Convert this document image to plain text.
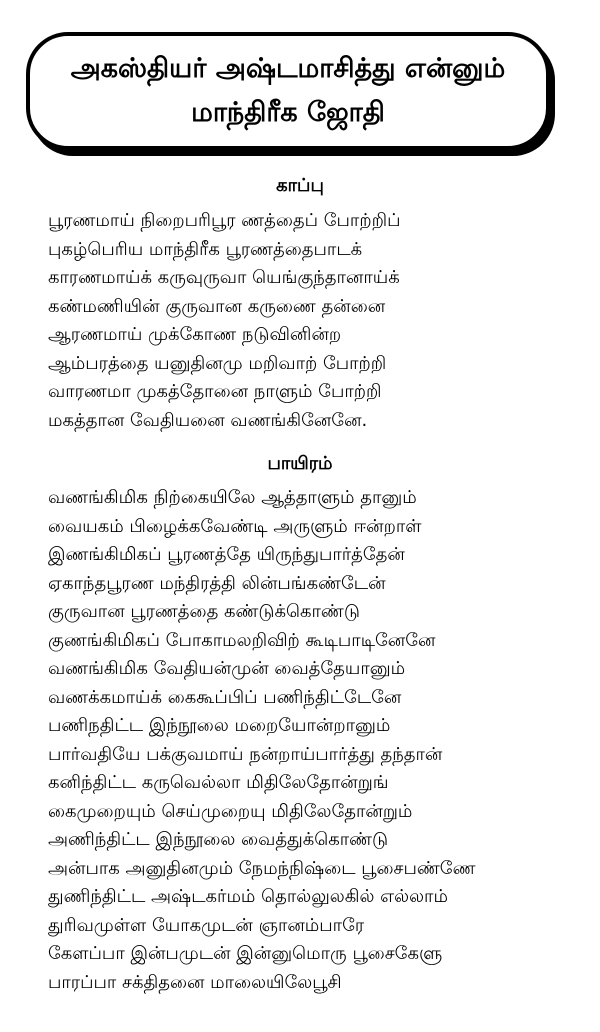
அகஸ்தியர் அஷ்டமாசித்து என்னும்
மாந்திரீக ஜோதி
காப்பு
பூரணமாய் நிறைபரிபூர ணத்தைப் போற்றிப்
புகழ்பெரிய மாந்திரீக பூரணத்தைபாடக்
காரணமாய்க் கருவுருவா யெங்குந்தானாய்க்
கண்மணியின் குருவான கருணை தன்னை
ஆரணமாய் முக்கோண நடுவினின்ற
ஆம்பரத்தை யனுதினமு மறிவாற் போற்றி
வாரணமா முகத்தோனை நாளும் போற்றி
மகத்தான வேதியனை வணங்கினேனே.
பாயிரம்
வணங்கிமிக நிற்கையிலே ஆத்தாளும் தானும்
வையகம் பிழைக்கவேண்டி அருளும் ஈன்றாள்
இணங்கிமிகப் பூரணத்தே யிருந்துபார்த்தேன்
ஏகாந்தபூரண மந்திரத்தி லின்பங்கண்டேன்
குருவான பூரணத்தை கண்டுக்கொண்டு
குணங்கிமிகப் போகாமலறிவிற் கூடிபாடினேனே
வணங்கிமிக வேதியன்முன் வைத்தேயானும்
வணக்கமாய்க் கைகூப்பிப் பணிந்திட்டேனே
பணிநதிட்ட இந்நூலை மறையோன்றானும்
பார்வதியே பக்குவமாய் நன்றாய்பார்த்து தந்தான்
கனிந்திட்ட கருவெல்லா மிதிலேதோன்றுங்
கைமுறையும் செய்முறையு மிதிலேதோன்றும்
அணிந்திட்ட இந்நூலை வைத்துக்கொண்டு
அன்பாக அனுதினமும் நேமந்நிஷ்டை பூசைபண்ணே
துணிந்திட்ட அஷ்டகர்மம் தொல்லுலகில் எல்லாம்
துரிவமுள்ள யோகமுடன் ஞானம்பாரே
கேளப்பா இன்பமுடன் இன்னுமொரு பூசைகேளு
பாரப்பா சக்திதனை மாலையிலேபூசி
